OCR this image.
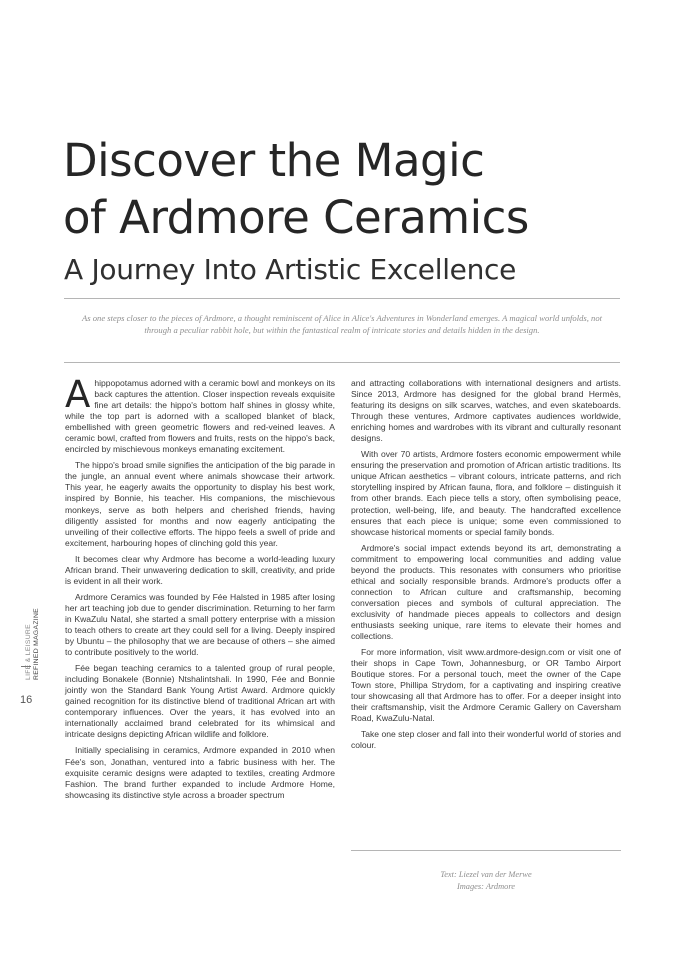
Discover the Magic
of Ardmore Ceramics
A Journey Into Artistic Excellence

As one steps closer to the pieces of Ardmore, a thought reminiscent of Alice in Alice's Adventures in Wonderland emerges. A magical world unfolds, not through a peculiar rabbit hole, but within the fantastical realm of intricate stories and details hidden in the design.

A hippopotamus adorned with a ceramic bowl and monkeys on its back captures the attention. Closer inspection reveals exquisite fine art details: the hippo's bottom half shines in glossy white, while the top part is adorned with a scalloped blanket of black, embellished with green geometric flowers and red-veined leaves. A ceramic bowl, crafted from flowers and fruits, rests on the hippo's back, encircled by mischievous monkeys emanating excitement.

The hippo's broad smile signifies the anticipation of the big parade in the jungle, an annual event where animals showcase their artwork. This year, he eagerly awaits the opportunity to display his best work, inspired by Bonnie, his teacher. His companions, the mischievous monkeys, serve as both helpers and cherished friends, having diligently assisted for months and now eagerly anticipating the unveiling of their collective efforts. The hippo feels a swell of pride and excitement, harbouring hopes of clinching gold this year.

It becomes clear why Ardmore has become a world-leading luxury African brand. Their unwavering dedication to skill, creativity, and pride is evident in all their work.

Ardmore Ceramics was founded by Fée Halsted in 1985 after losing her art teaching job due to gender discrimination. Returning to her farm in KwaZulu Natal, she started a small pottery enterprise with a mission to teach others to create art they could sell for a living. Deeply inspired by Ubuntu – the philosophy that we are because of others – she aimed to contribute positively to the world.

Fée began teaching ceramics to a talented group of rural people, including Bonakele (Bonnie) Ntshalintshali. In 1990, Fée and Bonnie jointly won the Standard Bank Young Artist Award. Ardmore quickly gained recognition for its distinctive blend of traditional African art with contemporary influences. Over the years, it has evolved into an internationally acclaimed brand celebrated for its whimsical and intricate designs depicting African wildlife and folklore.

Initially specialising in ceramics, Ardmore expanded in 2010 when Fée's son, Jonathan, ventured into a fabric business with her. The exquisite ceramic designs were adapted to textiles, creating Ardmore Fashion. The brand further expanded to include Ardmore Home, showcasing its distinctive style across a broader spectrum

and attracting collaborations with international designers and artists. Since 2013, Ardmore has designed for the global brand Hermès, featuring its designs on silk scarves, watches, and even skateboards. Through these ventures, Ardmore captivates audiences worldwide, enriching homes and wardrobes with its vibrant and culturally resonant designs.

With over 70 artists, Ardmore fosters economic empowerment while ensuring the preservation and promotion of African artistic traditions. Its unique African aesthetics – vibrant colours, intricate patterns, and rich storytelling inspired by African fauna, flora, and folklore – distinguish it from other brands. Each piece tells a story, often symbolising peace, protection, well-being, life, and beauty. The handcrafted excellence ensures that each piece is unique; some even commissioned to showcase historical moments or special family bonds.

Ardmore's social impact extends beyond its art, demonstrating a commitment to empowering local communities and adding value beyond the products. This resonates with consumers who prioritise ethical and socially responsible brands. Ardmore's products offer a connection to African culture and craftsmanship, becoming conversation pieces and symbols of cultural appreciation. The exclusivity of handmade pieces appeals to collectors and design enthusiasts seeking unique, rare items to elevate their homes and collections.

For more information, visit www.ardmore-design.com or visit one of their shops in Cape Town, Johannesburg, or OR Tambo Airport Boutique stores. For a personal touch, meet the owner of the Cape Town store, Phillipa Strydom, for a captivating and inspiring creative tour showcasing all that Ardmore has to offer. For a deeper insight into their craftsmanship, visit the Ardmore Ceramic Gallery on Caversham Road, KwaZulu-Natal.

Take one step closer and fall into their wonderful world of stories and colour.

Text: Liezel van der Merwe
Images: Ardmore
LIFE & LEISURE REFINED MAGAZINE
16
